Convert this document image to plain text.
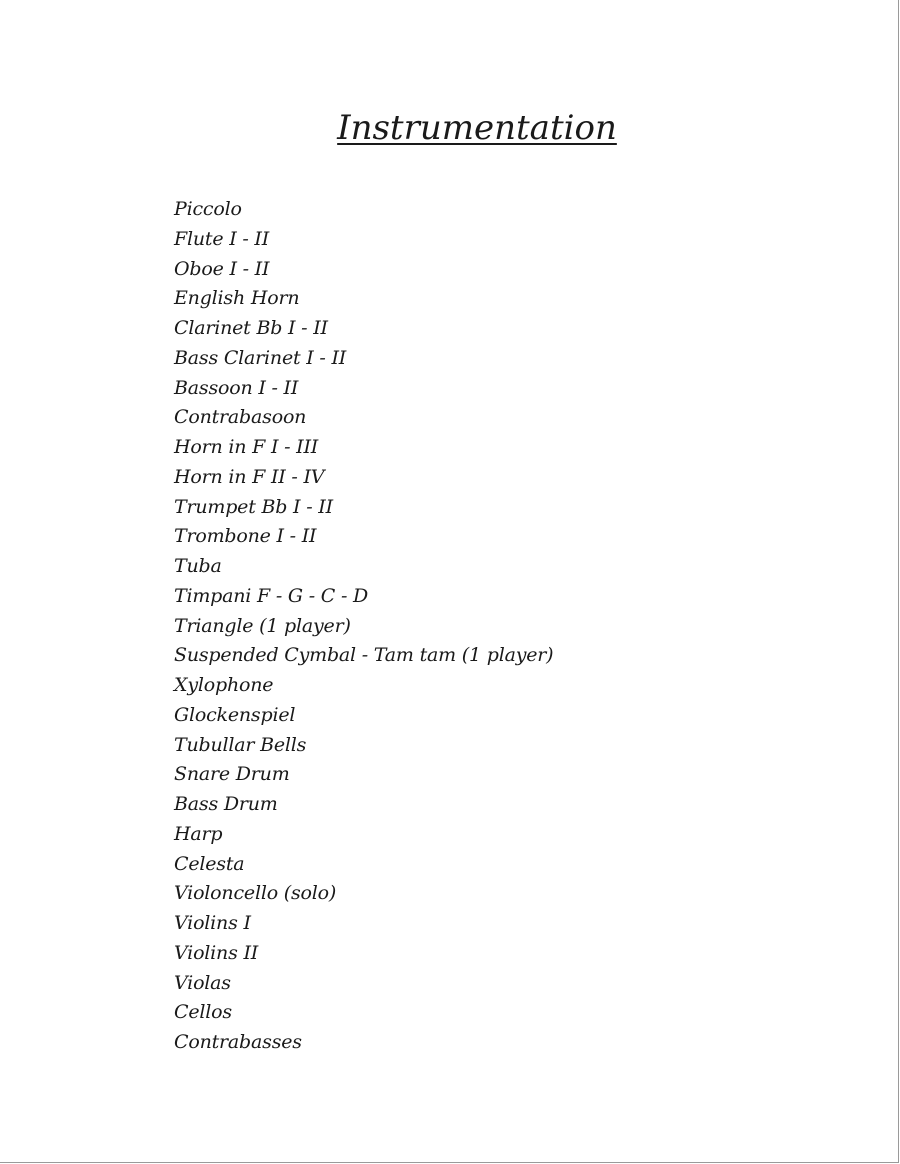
Instrumentation
Piccolo
Flute I - II
Oboe I - II
English Horn
Clarinet Bb I - II
Bass Clarinet I - II
Bassoon I - II
Contrabasoon
Horn in F I - III
Horn in F II - IV
Trumpet Bb I - II
Trombone I - II
Tuba
Timpani F - G - C - D
Triangle (1 player)
Suspended Cymbal - Tam tam (1 player)
Xylophone
Glockenspiel
Tubullar Bells
Snare Drum
Bass Drum
Harp
Celesta
Violoncello (solo)
Violins I
Violins II
Violas
Cellos
Contrabasses
